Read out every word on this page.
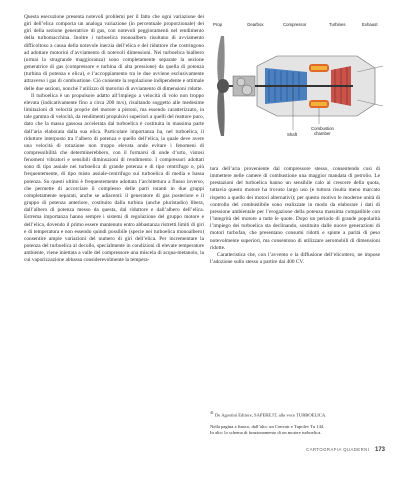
Prop	Gearbox	Compressor	Turbines	Exhaust
Shaft
Combustion
chamber

Questa esecuzione presenta notevoli problemi per il fatto che ogni variazione dei giri dell’elica comporta un analoga variazione (in percentuale proporzionale) dei giri della sezione generatrice di gas, con notevoli peggioramenti nel rendimento della turbomacchina. Inoltre i turboelica monoalbero risultano di avviamento difficoltoso a causa della notevole inerzia dell’elica e del riduttore che costringono ad adottare motorini d’avviamento di notevoli dimensioni. Nei turboelica bialbero (ormai la stragrande maggioranza) sono completamente separate la sezione generatrice di gas (compressore e turbina di alta pressione) da quella di potenza (turbina di potenza e elica), e l’accoppiamento tra le due avviene esclusivamente attraverso i gas di combustione. Ciò consente la regolazione indipendente e ottimale delle due sezioni, nonché l’utilizzo di motorini di avviamento di dimensioni ridotte.

Il turboelica è un propulsore adatto all’impiego a velocità di volo non troppo elevata (indicativamente fino a circa 200 m/s), risultando soggetto alle medesime limitazioni di velocità proprie del motore a pistoni, ma essendo caratterizzato, in tale gamma di velocità, da rendimenti propulsivi superiori a quelli del reattore puro, dato che la massa gassosa accelerata dal turboelica è costituita in massima parte dall’aria elaborata dalla sua elica. Particolare importanza ha, nel turboelica, il riduttore interposto tra l’albero di potenza e quello dell’elica, la quale deve avere una velocità di rotazione non troppo elevata onde evitare i fenomeni di compressibilità che determinerebbero, con il formarsi di onde d’urto, vistosi fenomeni vibratori e sensibili diminuzioni di rendimento. I compressori adottati sono di tipo assiale nei turboelica di grande potenza e di tipo centrifugo o, più frequentemente, di tipo misto assiale-centrifugo sui turboelica di media e bassa potenza. Su questi ultimi è frequentemente adottata l’architettura a flusso inverso, che permette di accorciare il complesso delle parti rotanti in due gruppi completamente separati, anche se adiacenti: il generatore di gas posteriore e il gruppo di potenza anteriore, costituito dalla turbina (anche pluristadio) libera, dall’albero di potenza messo da questa, dal riduttore e dall’albero dell’elica. Estrema importanza hanno sempre i sistemi di regolazione del gruppo motore e dell’elica, dovendo il primo essere mantenuto entro abbastanza ristretti limiti di giri e di temperatura e non essendo quindi possibile (specie nei turboelica monoalbero) consentire ampie variazioni del numero di giri dell’elica. Per incrementare la potenza del turboelica al decollo, specialmente in condizioni di elevate temperature ambiente, viene iniettata a valle del compressore una miscela di acqua-metanolo, la cui vaporizzazione abbassa considerevolmente la tempera-

tura dell’aria proveniente dal compressore stesso, consentendo così di immettere nelle camere di combustione una maggior mandata di petrolio. Le prestazioni del turboelica hanno un sensibile calo al crescere della quota, tuttavia questo motore ha trovato largo uso (e tuttora risulta meno marcato rispetto a quello dei motori alternativi); per questo motivo le moderne unità di controllo del combustibile sono realizzate in modo da elaborare i dati di pressione ambientale per l’erogazione della potenza massima compatibile con l’integrità del motore a tutte le quote. Dopo un periodo di grande popolarità l’impiego dei turboelica sta declinando, sostituito dalle nuove generazioni di motori turbofan, che presentano consumi ridotti e spinte a parità di peso notevolmente superiori, ma consentono di utilizzare aeromobili di dimensioni ridotte.

Caratteristica che, con l’avvento e la diffusione dell’elicottero, ne impose l’adozione sullo stesso a partire dai 400 CV.

$^{41}$ De Agostini Editore, SAPERE.IT, alla voce TURBOELICA.
Nella pagina a fianco, dall’alto: un Convair e Tupolev Tu 144.
In alto: lo schema di funzionamento di un motore turboelica.
CARTOGRAFIA QUADERNI 173
